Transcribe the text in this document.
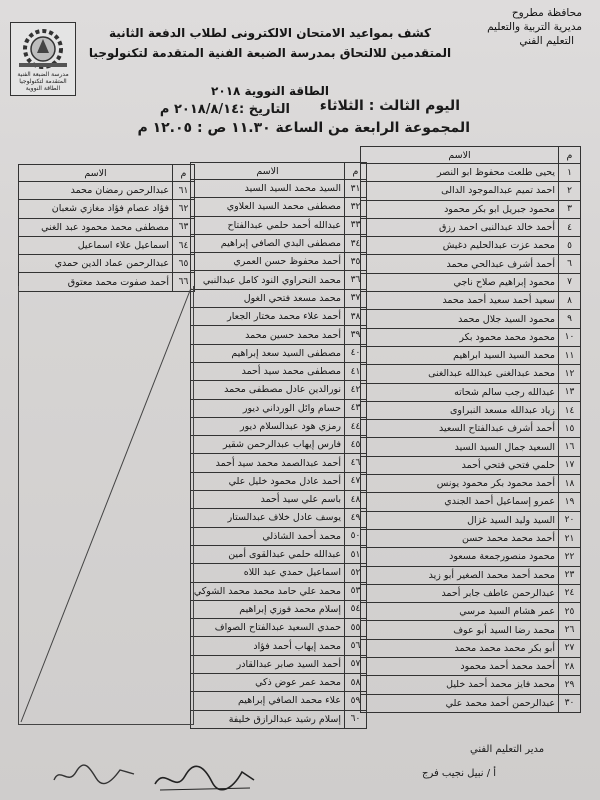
محافظة مطروح
مديرية التربية والتعليم
التعليم الفني
مدرسة الضبعة الفنية المتقدمة لتكنولوجيا الطاقة النووية
كشف بمواعيد الامتحان الالكترونى لطلاب الدفعة الثانية
المتقدمين للالتحاق بمدرسة الضبعة الفنية المتقدمة لتكنولوجيا
الطاقة النووية ٢٠١٨
اليوم الثالث : الثلاثاء
التاريخ :٢٠١٨/٨/١٤ م
المجموعة الرابعة من الساعة ١١.٣٠ ص : ١٢.٠٥ م
م	الاسم
١	يحيى طلعت محفوظ ابو النصر
٢	احمد تميم عبدالموجود الدالى
٣	محمود جبريل ابو بكر محمود
٤	أحمد خالد عبدالنبى احمد رزق
٥	محمد عزت عبدالحليم دغيش
٦	أحمد أشرف عبدالحي محمد
٧	محمود إبراهيم صلاح ناجي
٨	سعيد أحمد سعيد أحمد محمد
٩	محمود السيد جلال محمد
١٠	محمود محمد محمود بكر
١١	محمد السيد السيد ابراهيم
١٢	محمد عبدالغنى عبدالله عبدالغنى
١٣	عبدالله رجب سالم شحاته
١٤	زياد عبدالله مسعد النبراوى
١٥	أحمد أشرف عبدالفتاح السعيد
١٦	السعيد جمال السيد السيد
١٧	حلمي فتحي فتحي أحمد
١٨	أحمد محمود بكر محمود يونس
١٩	عمرو إسماعيل أحمد الجندي
٢٠	السيد وليد السيد غزال
٢١	أحمد محمد محمد حسن
٢٢	محمود منصورجمعة مسعود
٢٣	محمد أحمد محمد الصغير أبو زيد
٢٤	عبدالرحمن عاطف جابر أحمد
٢٥	عمر هشام السيد مرسي
٢٦	محمد رضا السيد أبو عوف
٢٧	أبو بكر محمد محمد محمد
٢٨	أحمد محمد أحمد محمود
٢٩	محمد فايز محمد أحمد خليل
٣٠	عبدالرحمن أحمد محمد علي
م	الاسم
٣١	السيد محمد السيد السيد
٣٢	مصطفى محمد السيد العلاوي
٣٣	عبدالله أحمد حلمي عبدالفتاح
٣٤	مصطفى البدي الصافي إبراهيم
٣٥	أحمد محفوظ حسن العمري
٣٦	محمد النحراوي النود كامل عبدالنبي
٣٧	محمد مسعد فتحي الغول
٣٨	أحمد علاء محمد مختار الجعار
٣٩	أحمد محمد حسين محمد
٤٠	مصطفى السيد سعد إبراهيم
٤١	مصطفى محمد سيد أحمد
٤٢	نورالدين عادل مصطفى محمد
٤٣	حسام وائل الورداني ديور
٤٤	رمزي هود عبدالسلام ديور
٤٥	فارس إيهاب عبدالرحمن شقير
٤٦	أحمد عبدالصمد محمد سيد أحمد
٤٧	أحمد عادل محمود خليل علي
٤٨	باسم علي سيد أحمد
٤٩	يوسف عادل خلاف عبدالستار
٥٠	محمد أحمد الشاذلي
٥١	عبدالله حلمي عبدالقوى أمين
٥٢	اسماعيل حمدي عبد اللاه
٥٣	محمد علي حامد محمد محمد الشوكي
٥٤	إسلام محمد فوزي إبراهيم
٥٥	حمدي السعيد عبدالفتاح الصواف
٥٦	محمد إيهاب أحمد فؤاد
٥٧	أحمد السيد صابر عبدالقادر
٥٨	محمد عمر عوض ذكي
٥٩	علاء محمد الصافي إبراهيم
٦٠	إسلام رشيد عبدالرازق خليفة
م	الاسم
٦١	عبدالرحمن رمضان محمد
٦٢	فؤاد عصام فؤاد مغازي شعبان
٦٣	مصطفى محمد محمود عبد الغني
٦٤	اسماعيل علاء اسماعيل
٦٥	عبدالرحمن عماد الدين حمدي
٦٦	أحمد صفوت محمد معتوق
مدير التعليم الفني
أ / نبيل نجيب فرج
